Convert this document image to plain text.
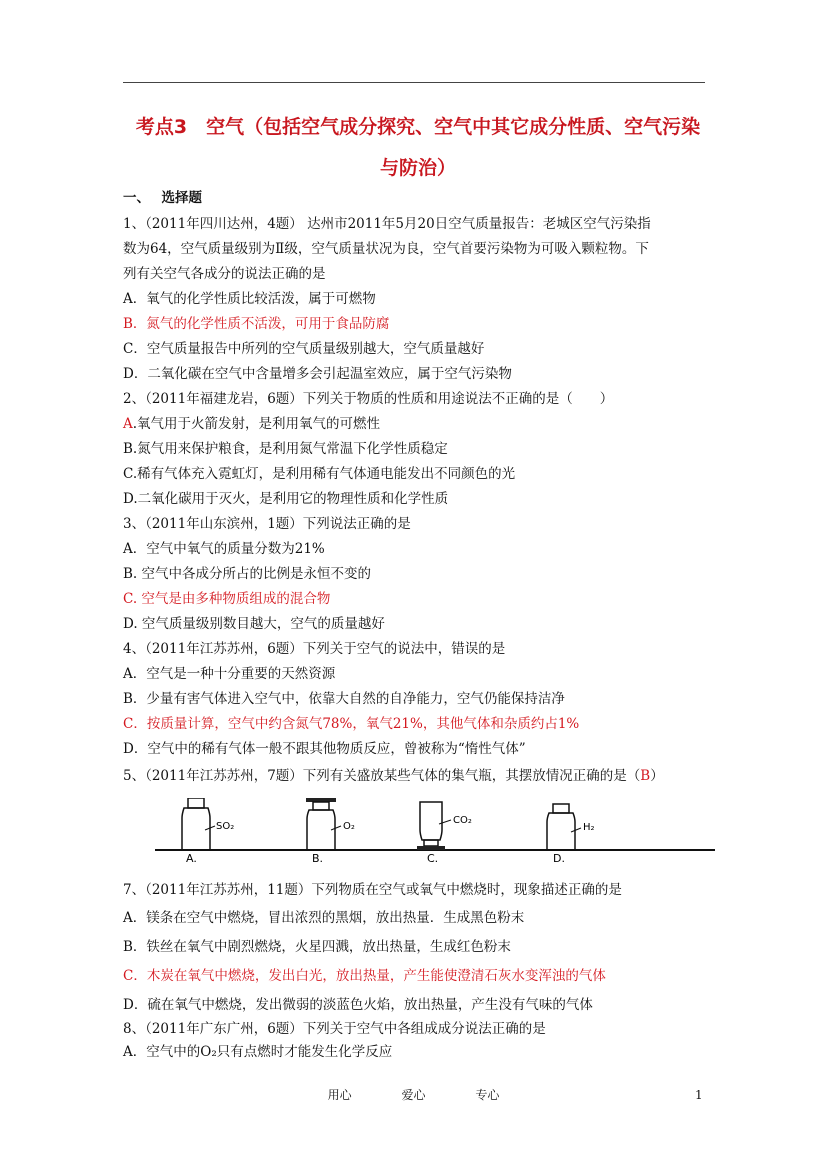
考点3　空气（包括空气成分探究、空气中其它成分性质、空气污染
与防治）
一、　 选择题
1、（2011年四川达州，4题） 达州市2011年5月20日空气质量报告：老城区空气污染指
数为64，空气质量级别为Ⅱ级，空气质量状况为良，空气首要污染物为可吸入颗粒物。下
列有关空气各成分的说法正确的是
A．氧气的化学性质比较活泼，属于可燃物
B．氮气的化学性质不活泼，可用于食品防腐
C．空气质量报告中所列的空气质量级别越大，空气质量越好
D．二氧化碳在空气中含量增多会引起温室效应，属于空气污染物
2、（2011年福建龙岩，6题）下列关于物质的性质和用途说法不正确的是（　　）
A.氧气用于火箭发射，是利用氧气的可燃性
B.氮气用来保护粮食，是利用氮气常温下化学性质稳定
C.稀有气体充入霓虹灯，是利用稀有气体通电能发出不同颜色的光
D.二氧化碳用于灭火，是利用它的物理性质和化学性质
3、（2011年山东滨州，1题）下列说法正确的是
A．空气中氧气的质量分数为21%
B. 空气中各成分所占的比例是永恒不变的
C. 空气是由多种物质组成的混合物
D. 空气质量级别数目越大，空气的质量越好
4、（2011年江苏苏州，6题）下列关于空气的说法中，错误的是
A．空气是一种十分重要的天然资源
B．少量有害气体进入空气中，依靠大自然的自净能力，空气仍能保持洁净
C．按质量计算，空气中约含氮气78%，氧气21%，其他气体和杂质约占1%
D．空气中的稀有气体一般不跟其他物质反应，曾被称为“惰性气体”
5、（2011年江苏苏州，7题）下列有关盛放某些气体的集气瓶，其摆放情况正确的是（B）
SO₂
A.
O₂
B.
CO₂
C.
H₂
D.
7、（2011年江苏苏州，11题）下列物质在空气或氧气中燃烧时，现象描述正确的是
A．镁条在空气中燃烧，冒出浓烈的黑烟，放出热量．生成黑色粉末
B．铁丝在氧气中剧烈燃烧，火星四溅，放出热量，生成红色粉末
C．木炭在氧气中燃烧，发出白光，放出热量，产生能使澄清石灰水变浑浊的气体
D．硫在氧气中燃烧，发出微弱的淡蓝色火焰，放出热量，产生没有气味的气体
8、（2011年广东广州，6题）下列关于空气中各组成成分说法正确的是
A．空气中的O₂只有点燃时才能发生化学反应
用心	爱心	专心	1
